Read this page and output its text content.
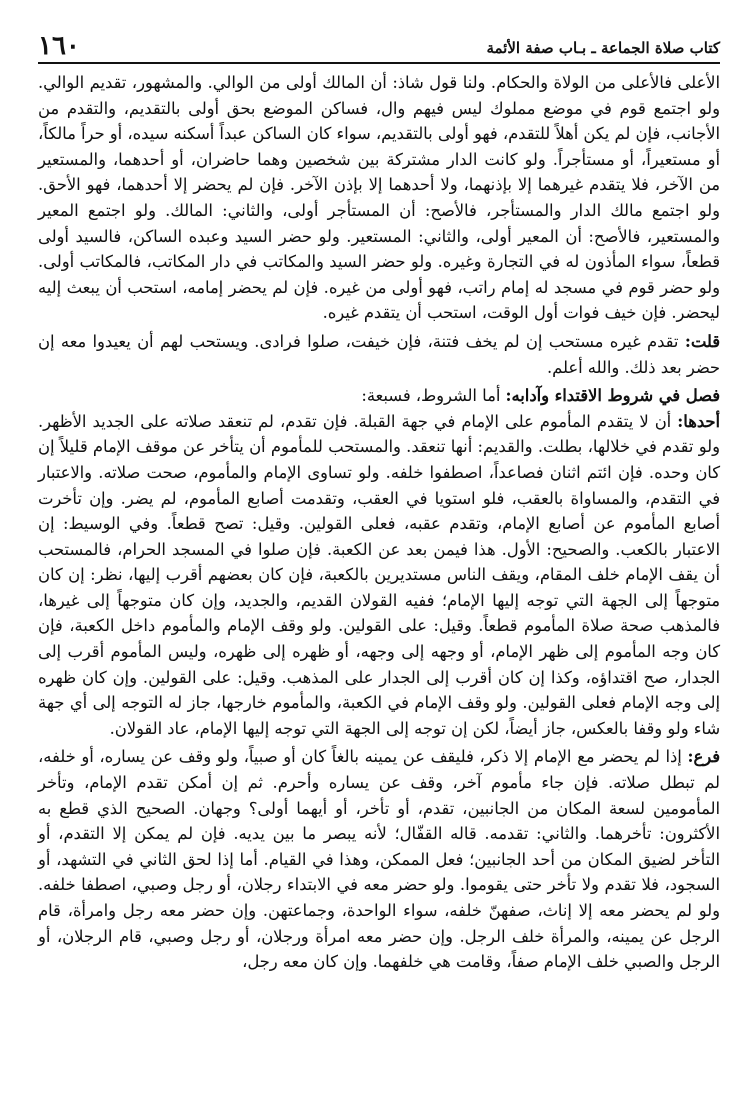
كتاب صلاة الجماعة ـ بـاب صفة الأئمة
١٦٠

الأعلى فالأعلى من الولاة والحكام. ولنا قول شاذ: أن المالك أولى من الوالي. والمشهور، تقديم الوالي. ولو اجتمع قوم في موضع مملوك ليس فيهم وال، فساكن الموضع بحق أولى بالتقديم، والتقدم من الأجانب، فإن لم يكن أهلاً للتقدم، فهو أولى بالتقديم، سواء كان الساكن عبداً أسكنه سيده، أو حراً مالكاً، أو مستعيراً، أو مستأجراً. ولو كانت الدار مشتركة بين شخصين وهما حاضران، أو أحدهما، والمستعير من الآخر، فلا يتقدم غيرهما إلا بإذنهما، ولا أحدهما إلا بإذن الآخر. فإن لم يحضر إلا أحدهما، فهو الأحق. ولو اجتمع مالك الدار والمستأجر، فالأصح: أن المستأجر أولى، والثاني: المالك. ولو اجتمع المعير والمستعير، فالأصح: أن المعير أولى، والثاني: المستعير. ولو حضر السيد وعبده الساكن، فالسيد أولى قطعاً، سواء المأذون له في التجارة وغيره. ولو حضر السيد والمكاتب في دار المكاتب، فالمكاتب أولى. ولو حضر قوم في مسجد له إمام راتب، فهو أولى من غيره. فإن لم يحضر إمامه، استحب أن يبعث إليه ليحضر. فإن خيف فوات أول الوقت، استحب أن يتقدم غيره.

قلت: تقدم غيره مستحب إن لم يخف فتنة، فإن خيفت، صلوا فرادى. ويستحب لهم أن يعيدوا معه إن حضر بعد ذلك. والله أعلم.

فصل في شروط الاقتداء وآدابه: أما الشروط، فسبعة:

أحدها: أن لا يتقدم المأموم على الإمام في جهة القبلة. فإن تقدم، لم تنعقد صلاته على الجديد الأظهر. ولو تقدم في خلالها، بطلت. والقديم: أنها تنعقد. والمستحب للمأموم أن يتأخر عن موقف الإمام قليلاً إن كان وحده. فإن ائتم اثنان فصاعداً، اصطفوا خلفه. ولو تساوى الإمام والمأموم، صحت صلاته. والاعتبار في التقدم، والمساواة بالعقب، فلو استويا في العقب، وتقدمت أصابع المأموم، لم يضر. وإن تأخرت أصابع المأموم عن أصابع الإمام، وتقدم عقبه، فعلى القولين. وقيل: تصح قطعاً. وفي الوسيط: إن الاعتبار بالكعب. والصحيح: الأول. هذا فيمن بعد عن الكعبة. فإن صلوا في المسجد الحرام، فالمستحب أن يقف الإمام خلف المقام، ويقف الناس مستديرين بالكعبة، فإن كان بعضهم أقرب إليها، نظر: إن كان متوجهاً إلى الجهة التي توجه إليها الإمام؛ ففيه القولان القديم، والجديد، وإن كان متوجهاً إلى غيرها، فالمذهب صحة صلاة المأموم قطعاً. وقيل: على القولين. ولو وقف الإمام والمأموم داخل الكعبة، فإن كان وجه المأموم إلى ظهر الإمام، أو وجهه إلى وجهه، أو ظهره إلى ظهره، وليس المأموم أقرب إلى الجدار، صح اقتداؤه، وكذا إن كان أقرب إلى الجدار على المذهب. وقيل: على القولين. وإن كان ظهره إلى وجه الإمام فعلى القولين. ولو وقف الإمام في الكعبة، والمأموم خارجها، جاز له التوجه إلى أي جهة شاء ولو وقفا بالعكس، جاز أيضاً، لكن إن توجه إلى الجهة التي توجه إليها الإمام، عاد القولان.

فرع: إذا لم يحضر مع الإمام إلا ذكر، فليقف عن يمينه بالغاً كان أو صبياً، ولو وقف عن يساره، أو خلفه، لم تبطل صلاته. فإن جاء مأموم آخر، وقف عن يساره وأحرم. ثم إن أمكن تقدم الإمام، وتأخر المأمومين لسعة المكان من الجانبين، تقدم، أو تأخر، أو أيهما أولى؟ وجهان. الصحيح الذي قطع به الأكثرون: تأخرهما. والثاني: تقدمه. قاله القفّال؛ لأنه يبصر ما بين يديه. فإن لم يمكن إلا التقدم، أو التأخر لضيق المكان من أحد الجانبين؛ فعل الممكن، وهذا في القيام. أما إذا لحق الثاني في التشهد، أو السجود، فلا تقدم ولا تأخر حتى يقوموا. ولو حضر معه في الابتداء رجلان، أو رجل وصبي، اصطفا خلفه. ولو لم يحضر معه إلا إناث، صفهنّ خلفه، سواء الواحدة، وجماعتهن. وإن حضر معه رجل وامرأة، قام الرجل عن يمينه، والمرأة خلف الرجل. وإن حضر معه امرأة ورجلان، أو رجل وصبي، قام الرجلان، أو الرجل والصبي خلف الإمام صفاً، وقامت هي خلفهما. وإن كان معه رجل،
